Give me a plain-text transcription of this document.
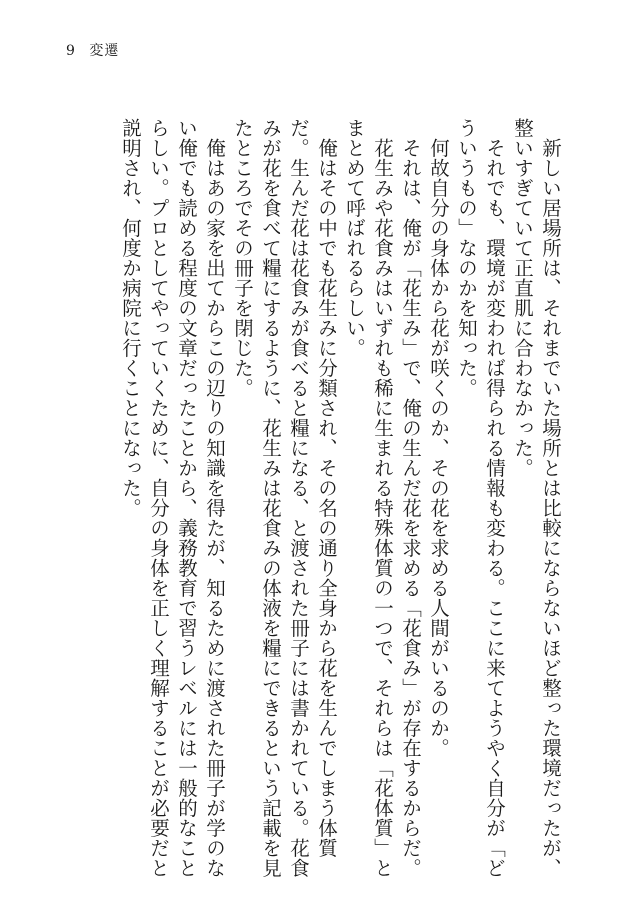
9 変遷

新しい居場所は、それまでいた場所とは比較にならないほど整った環境だったが、整いすぎていて正直肌に合わなかった。

それでも、環境が変われば得られる情報も変わる。ここに来てようやく自分が「どういうもの」なのかを知った。

何故自分の身体から花が咲くのか、その花を求める人間がいるのか。

それは、俺が「花生み」で、俺の生んだ花を求める「花食み」が存在するからだ。

花生みや花食みはいずれも稀に生まれる特殊体質の一つで、それらは「花体質」とまとめて呼ばれるらしい。

俺はその中でも花生みに分類され、その名の通り全身から花を生んでしまう体質だ。生んだ花は花食みが食べると糧になる、と渡された冊子には書かれている。花食みが花を食べて糧にするように、花生みは花食みの体液を糧にできるという記載を見たところでその冊子を閉じた。

俺はあの家を出てからこの辺りの知識を得たが、知るために渡された冊子が学のない俺でも読める程度の文章だったことから、義務教育で習うレベルには一般的なことらしい。プロとしてやっていくために、自分の身体を正しく理解することが必要だと説明され、何度か病院に行くことになった。
